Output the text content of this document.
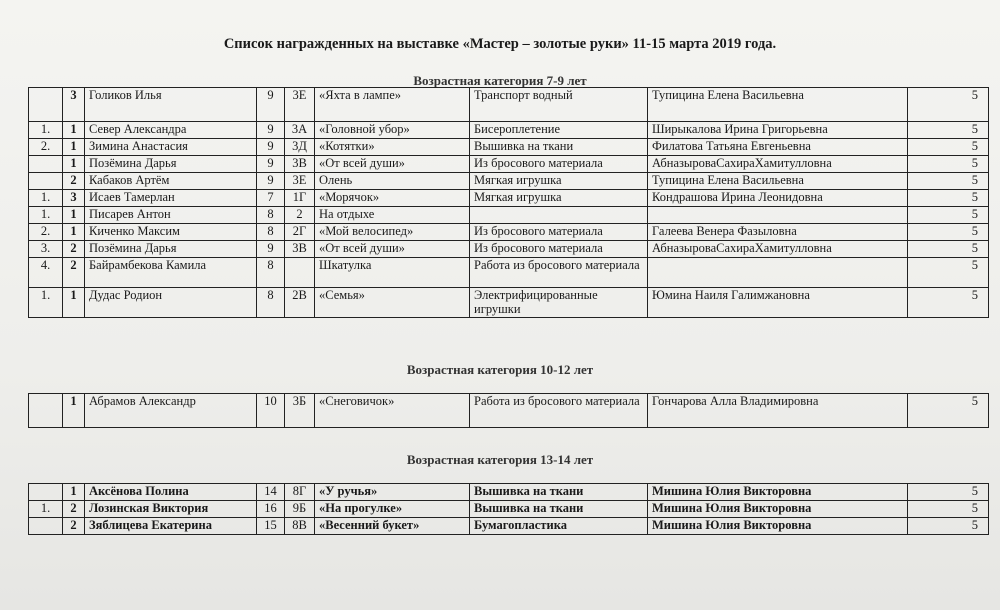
Список награжденных на выставке «Мастер – золотые руки» 11-15 марта 2019 года.
Возрастная категория 7-9 лет
	3	Голиков Илья	9	3Е	«Яхта в лампе»	Транспорт водный	Тупицина Елена Васильевна	5
1.	1	Север Александра	9	3А	«Головной убор»	Бисероплетение	Ширыкалова Ирина Григорьевна	5
2.	1	Зимина Анастасия	9	3Д	«Котятки»	Вышивка на ткани	Филатова Татьяна Евгеньевна	5
	1	Позёмина Дарья	9	3В	«От всей души»	Из бросового материала	АбназыроваСахираХамитулловна	5
	2	Кабаков Артём	9	3Е	Олень	Мягкая игрушка	Тупицина Елена Васильевна	5
1.	3	Исаев Тамерлан	7	1Г	«Морячок»	Мягкая игрушка	Кондрашова Ирина Леонидовна	5
1.	1	Писарев Антон	8	2	На отдыхе			5
2.	1	Киченко Максим	8	2Г	«Мой велосипед»	Из бросового материала	Галеева Венера Фазыловна	5
3.	2	Позёмина Дарья	9	3В	«От всей души»	Из бросового материала	АбназыроваСахираХамитулловна	5
4.	2	Байрамбекова Камила	8		Шкатулка	Работа из бросового материала		5
1.	1	Дудас Родион	8	2В	«Семья»	Электрифицированные игрушки	Юмина Наиля Галимжановна	5
Возрастная категория 10-12 лет
	1	Абрамов Александр	10	3Б	«Снеговичок»	Работа из бросового материала	Гончарова Алла Владимировна	5
Возрастная категория 13-14 лет
	1	Аксёнова Полина	14	8Г	«У ручья»	Вышивка на ткани	Мишина Юлия Викторовна	5
1.	2	Лозинская Виктория	16	9Б	«На прогулке»	Вышивка на ткани	Мишина Юлия Викторовна	5
	2	Зяблицева Екатерина	15	8В	«Весенний букет»	Бумагопластика	Мишина Юлия Викторовна	5
